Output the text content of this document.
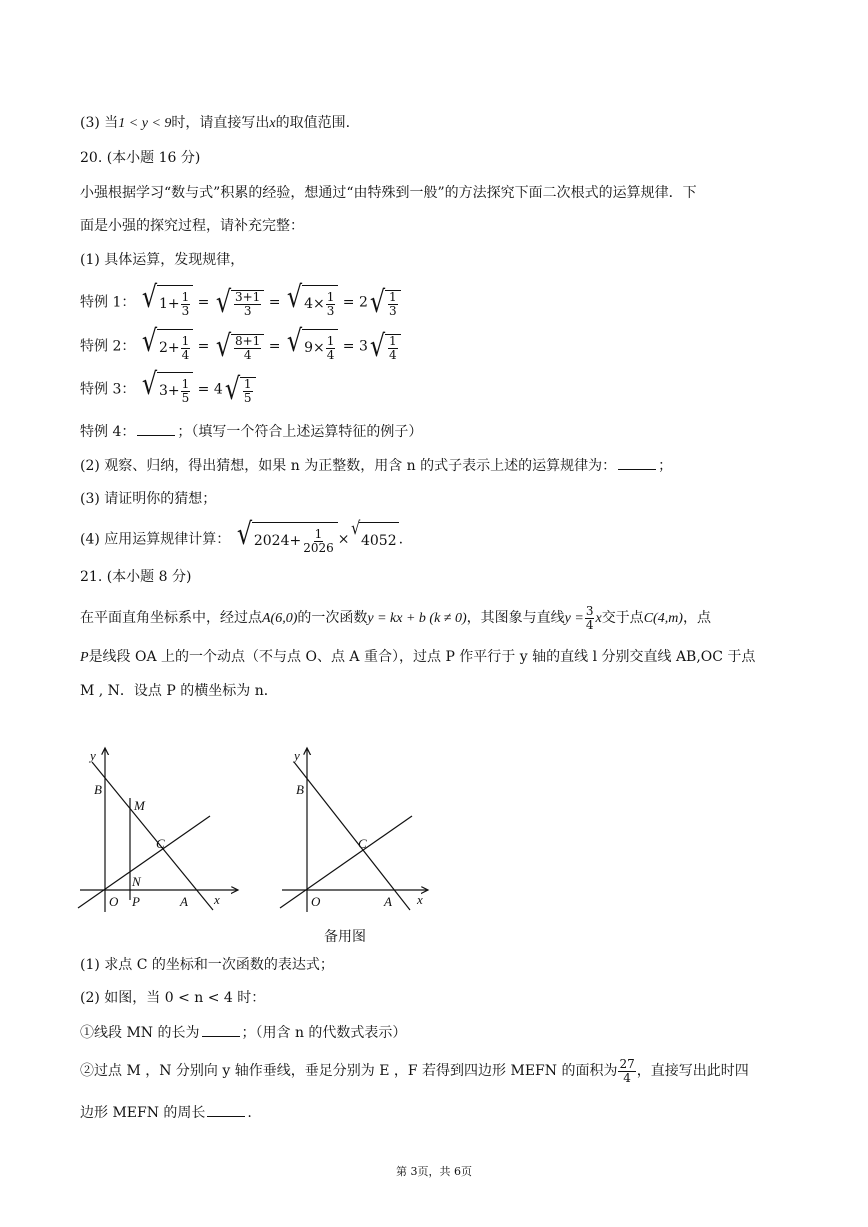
(3) 当1 < y < 9时，请直接写出x的取值范围.
20. (本小题 16 分)
小强根据学习“数与式”积累的经验，想通过“由特殊到一般”的方法探究下面二次根式的运算规律．下
面是小强的探究过程，请补充完整：
(1) 具体运算，发现规律，
特例 1： √ $1+ \frac{1}{3}$ = √ $\frac{3+1}{3}$ = √ $4\times \frac{1}{3} = 2$ √ $\frac{1}{3}$
特例 2： √ $2+ \frac{1}{4}$ = √ $\frac{8+1}{4}$ = √ $9\times \frac{1}{4} = 3$ √ $\frac{1}{4}$
特例 3： √ $3+ \frac{1}{5} = 4$ √ $\frac{1}{5}$
特例 4：	；（填写一个符合上述运算特征的例子）
(2) 观察、归纳，得出猜想，如果 n 为正整数，用含 n 的式子表示上述的运算规律为：	；
(3) 请证明你的猜想；
(4) 应用运算规律计算： √ $2024+ \frac{1}{2026}$ ×
√
4052 .
21. (本小题 8 分)
在平面直角坐标系中，经过点A(6,0)的一次函数y = kx + b (k ≠ 0)，其图象与直线$y = \frac{3}{4}$ x交于点C(4,m)，点
P是线段 OA 上的一个动点（不与点 O、点 A 重合），过点 P 作平行于 y 轴的直线 l 分别交直线 AB,OC 于点
M , N．设点 P 的横坐标为 n．
y
B
M
C
N
O P	A x
y
B
C
O	A x
备用图
(1) 求点 C 的坐标和一次函数的表达式；
(2) 如图，当 0 < n < 4 时：
①线段 MN 的长为	；（用含 n 的代数式表示）
②过点 M ，N 分别向 y 轴作垂线，垂足分别为 E ，F 若得到四边形 MEFN 的面积为 $\frac{27}{4}$ ，直接写出此时四
边形 MEFN 的周长	.
第 3页，共 6页
